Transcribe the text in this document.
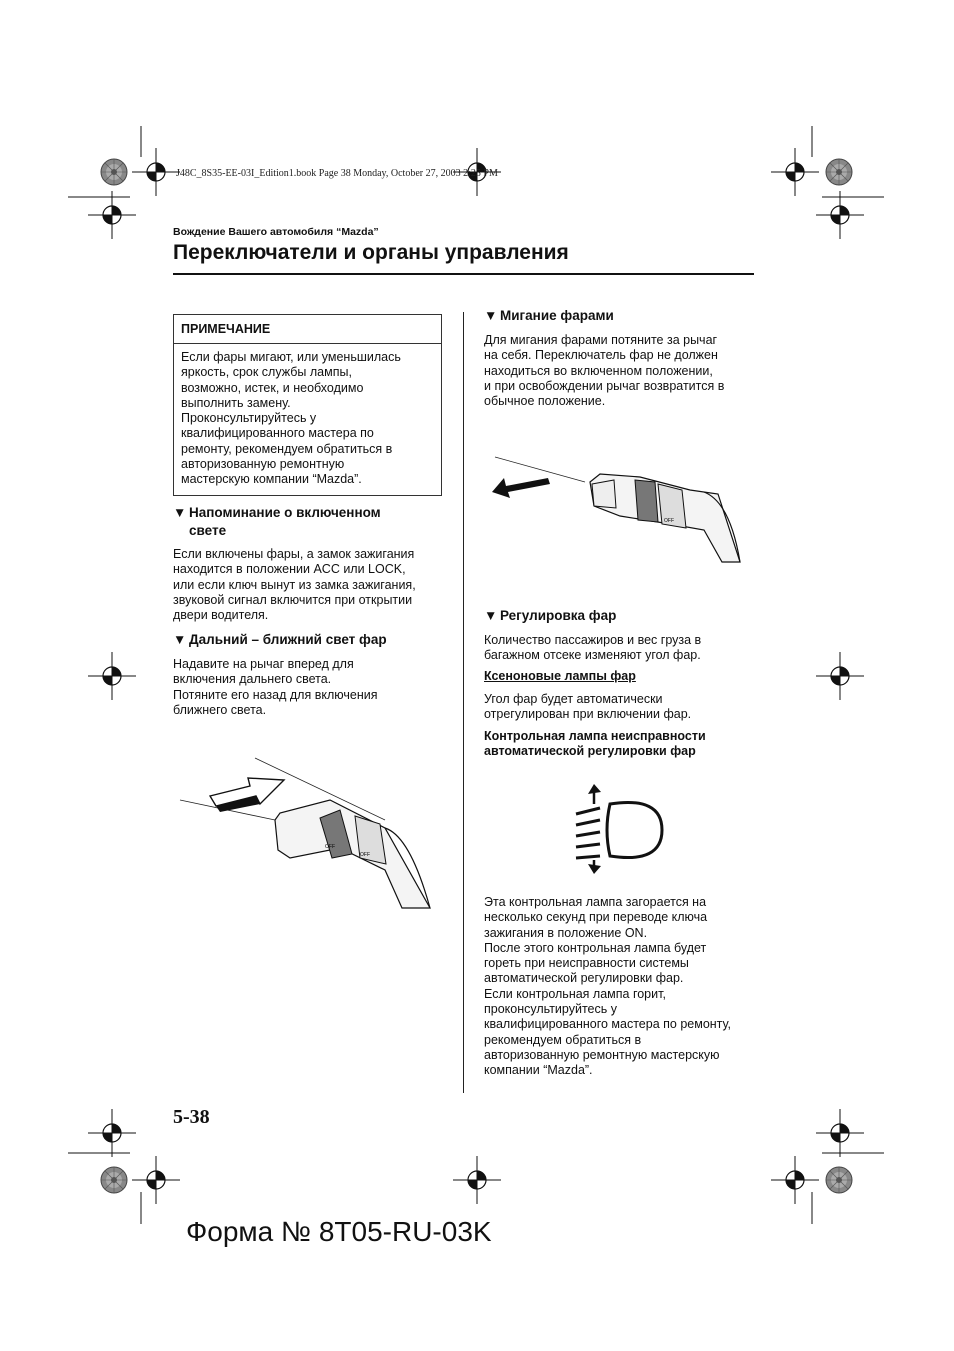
J48C_8S35-EE-03I_Edition1.book Page 38 Monday, October 27, 2003 2:25 PM
Вождение Вашего автомобиля “Mazda”
Переключатели и органы управления
ПРИМЕЧАНИЕ
Если фары мигают, или уменьшилась
яркость, срок службы лампы,
возможно, истек, и необходимо
выполнить замену.
Проконсультируйтесь у
квалифицированного мастера по
ремонту, рекомендуем обратиться в
авторизованную ремонтную
мастерскую компании “Mazda”.
▼ Напоминание о включенном
свете
Если включены фары, а замок зажигания
находится в положении ACC или LOCK,
или если ключ вынут из замка зажигания,
звуковой сигнал включится при открытии
двери водителя.
▼ Дальний – ближний свет фар
Надавите на рычаг вперед для
включения дальнего света.
Потяните его назад для включения
ближнего света.
OFF
OFF
▼ Мигание фарами
Для мигания фарами потяните за рычаг
на себя. Переключатель фар не должен
находиться во включенном положении,
и при освобождении рычаг возвратится в
обычное положение.
OFF
▼ Регулировка фар
Количество пассажиров и вес груза в
багажном отсеке изменяют угол фар.
Ксеноновые лампы фар
Угол фар будет автоматически
отрегулирован при включении фар.
Контрольная лампа неисправности
автоматической регулировки фар
Эта контрольная лампа загорается на
несколько секунд при переводе ключа
зажигания в положение ON.
После этого контрольная лампа будет
гореть при неисправности системы
автоматической регулировки фар.
Если контрольная лампа горит,
проконсультируйтесь у
квалифицированного мастера по ремонту,
рекомендуем обратиться в
авторизованную ремонтную мастерскую
компании “Mazda”.
5-38
Форма № 8T05-RU-03K
